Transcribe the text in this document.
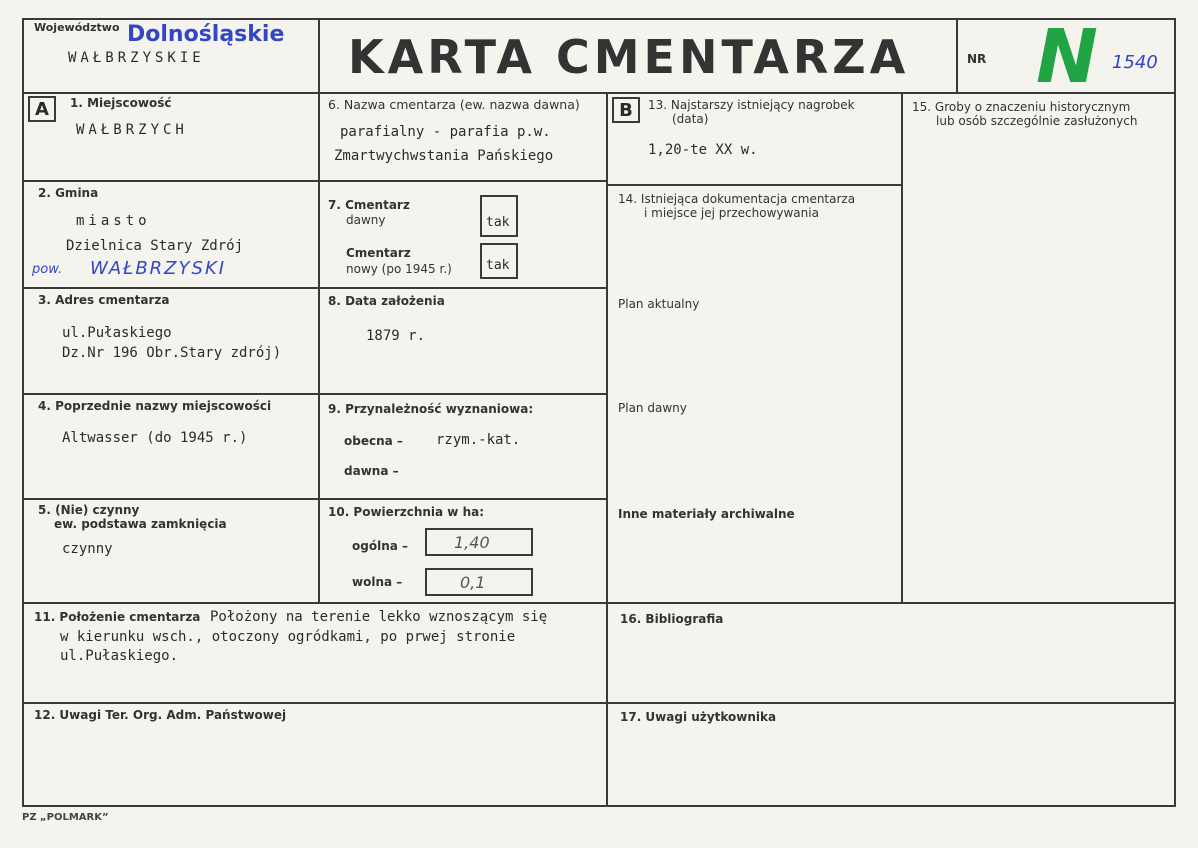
Województwo Dolnośląskie
WAŁBRZYSKIE	KARTA CMENTARZA	NR N 1540
A	B
1. Miejscowość
WAŁBRZYCH
2. Gmina
miasto
Dzielnica Stary Zdrój
pow. WAŁBRZYSKI
3. Adres cmentarza
ul.Pułaskiego
Dz.Nr 196 Obr.Stary zdrój)
4. Poprzednie nazwy miejscowości
Altwasser (do 1945 r.)
5. (Nie) czynny
ew. podstawa zamknięcia
czynny
6. Nazwa cmentarza (ew. nazwa dawna)
parafialny - parafia p.w.
Zmartwychwstania Pańskiego
7. Cmentarz
dawny	tak
Cmentarz
nowy (po 1945 r.)	tak
8. Data założenia
1879 r.
9. Przynależność wyznaniowa:
obecna – rzym.-kat.
dawna –
10. Powierzchnia w ha:
ogólna –	1,40
wolna –	0,1
11. Położenie cmentarza Położony na terenie lekko wznoszącym się
w kierunku wsch., otoczony ogródkami, po prwej stronie
ul.Pułaskiego.
12. Uwagi Ter. Org. Adm. Państwowej
13. Najstarszy istniejący nagrobek
(data)
1,20-te XX w.
14. Istniejąca dokumentacja cmentarza
i miejsce jej przechowywania
Plan aktualny
Plan dawny
Inne materiały archiwalne
15. Groby o znaczeniu historycznym
lub osób szczególnie zasłużonych
16. Bibliografia
17. Uwagi użytkownika
PZ „POLMARK”
